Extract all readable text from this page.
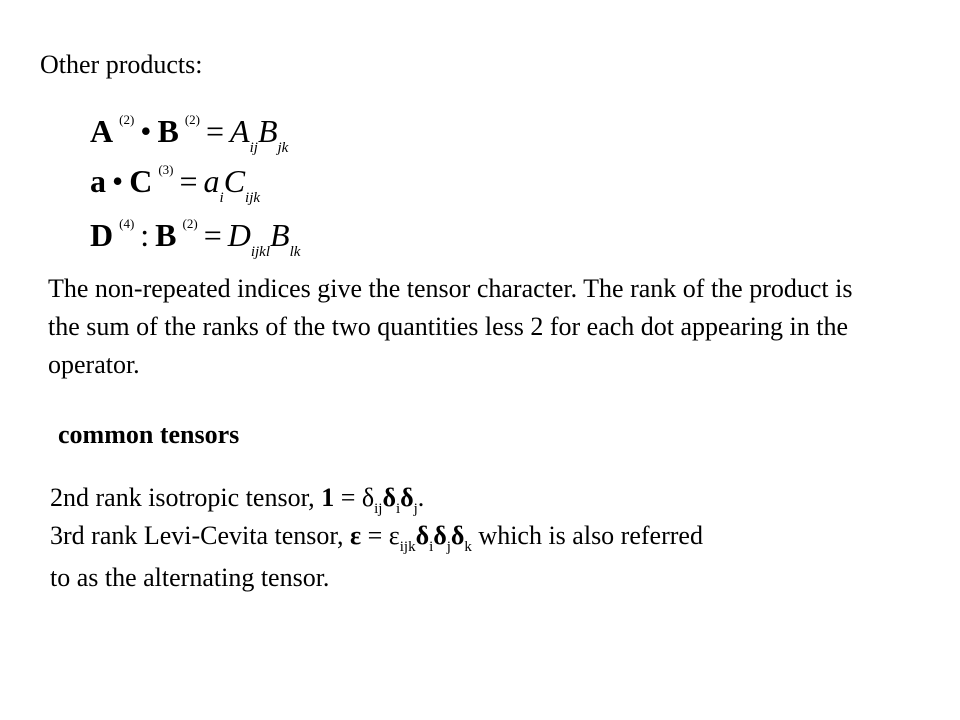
Other products:
A $^{(2)}$ • B $^{(2)} = A_{ij}B_{jk}$
a • C $^{(3)} = a_iC_{ijk}$
D $^{(4)}$ : B $^{(2)} = D_{ijkl}B_{lk}$
The non-repeated indices give the tensor character. The rank of the product is the sum of the ranks of the two quantities less 2 for each dot appearing in the operator.
common tensors
2nd rank isotropic tensor, $1 = \delta_{ij}\delta_i\delta_j$.
3rd rank Levi-Cevita tensor, $\varepsilon = \varepsilon_{ijk}\delta_i\delta_j\delta_k$ which is also referred
to as the alternating tensor.
